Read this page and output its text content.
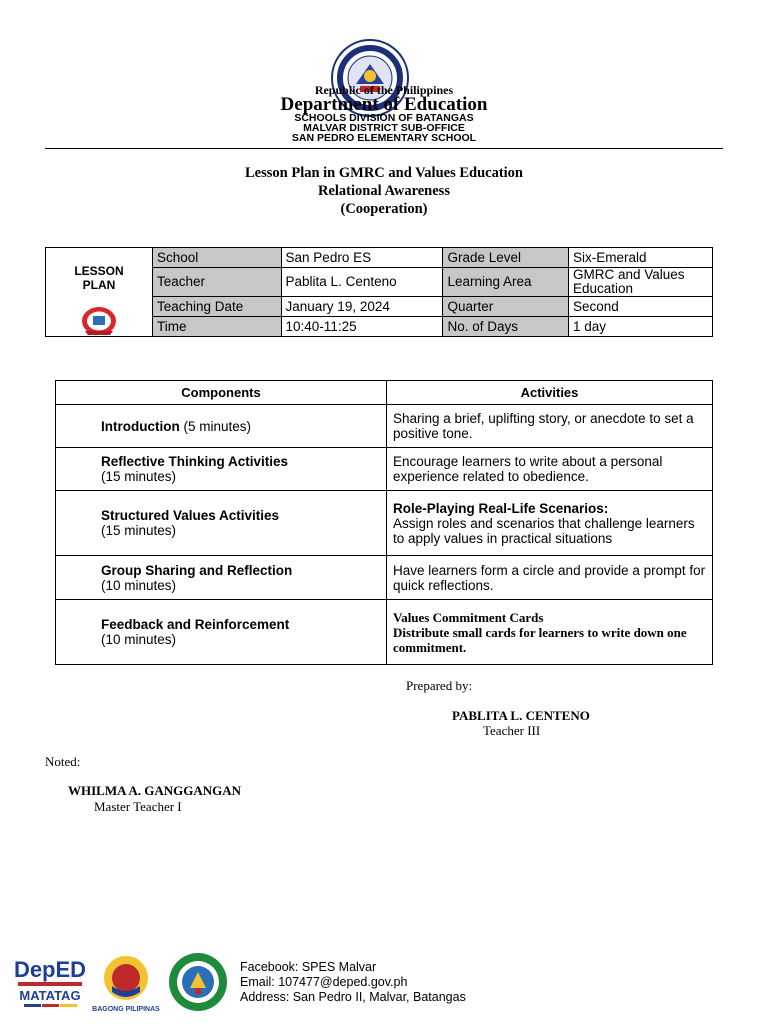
Republic of the Philippines
Department of Education
SCHOOLS DIVISION OF BATANGAS
MALVAR DISTRICT SUB-OFFICE
SAN PEDRO ELEMENTARY SCHOOL
Lesson Plan in GMRC and Values Education
Relational Awareness
(Cooperation)
LESSON
PLAN	School	San Pedro ES	Grade Level	Six-Emerald
	Teacher	Pablita L. Centeno	Learning Area	GMRC and Values Education
	Teaching Date	January 19, 2024	Quarter	Second
	Time	10:40-11:25	No. of Days	1 day
Components	Activities
Introduction (5 minutes)	Sharing a brief, uplifting story, or anecdote to set a positive tone.
Reflective Thinking Activities
(15 minutes)	Encourage learners to write about a personal experience related to obedience.
Structured Values Activities
(15 minutes)	Role-Playing Real-Life Scenarios:
Assign roles and scenarios that challenge learners to apply values in practical situations
Group Sharing and Reflection
(10 minutes)	Have learners form a circle and provide a prompt for quick reflections.
Feedback and Reinforcement
(10 minutes)	Values Commitment Cards
Distribute small cards for learners to write down one commitment.
Prepared by:
PABLITA L. CENTENO
Teacher III
Noted:
WHILMA A. GANGGANGAN
Master Teacher I
DepED
MATATAG
BAGONG PILIPINAS
Facebook: SPES Malvar
Email: 107477@deped.gov.ph
Address: San Pedro II, Malvar, Batangas
